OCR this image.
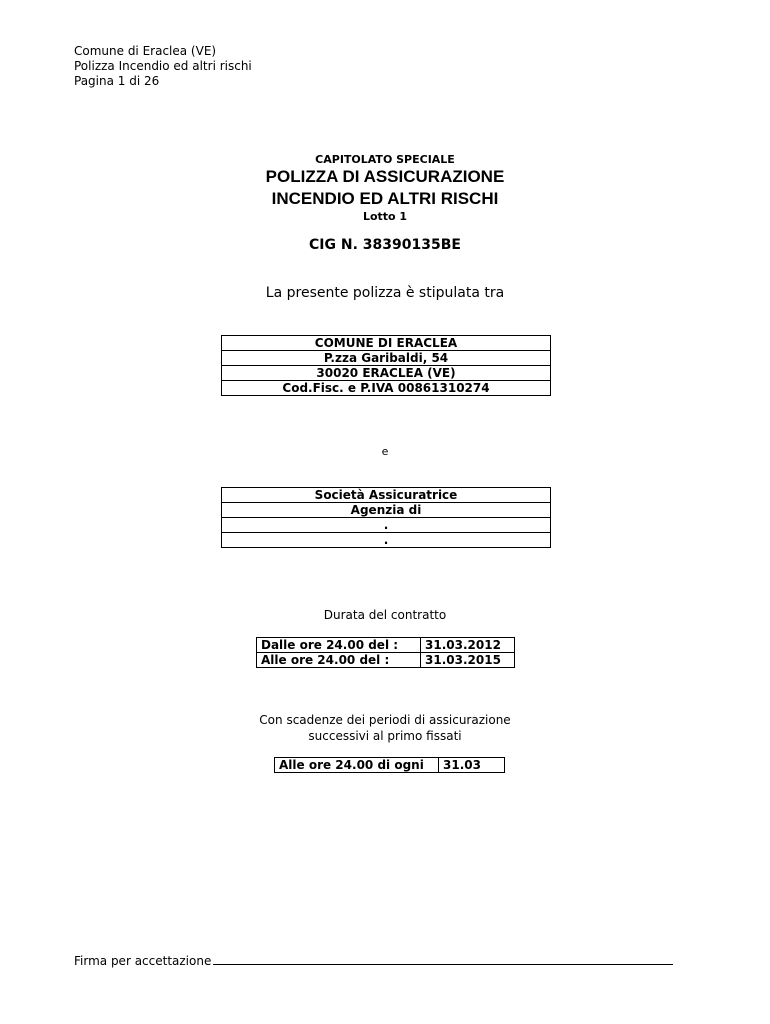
Comune di Eraclea (VE)
Polizza Incendio ed altri rischi
Pagina 1 di 26
CAPITOLATO SPECIALE
POLIZZA DI ASSICURAZIONE
INCENDIO ED ALTRI RISCHI
Lotto 1
CIG N. 38390135BE
La presente polizza è stipulata tra
COMUNE DI ERACLEA
P.zza Garibaldi, 54
30020 ERACLEA (VE)
Cod.Fisc. e P.IVA 00861310274
e
Società Assicuratrice
Agenzia di
.
.
Durata del contratto
Dalle ore 24.00 del :	31.03.2012
Alle ore 24.00 del :	31.03.2015
Con scadenze dei periodi di assicurazione
successivi al primo fissati
Alle ore 24.00 di ogni	31.03
Firma per accettazione
